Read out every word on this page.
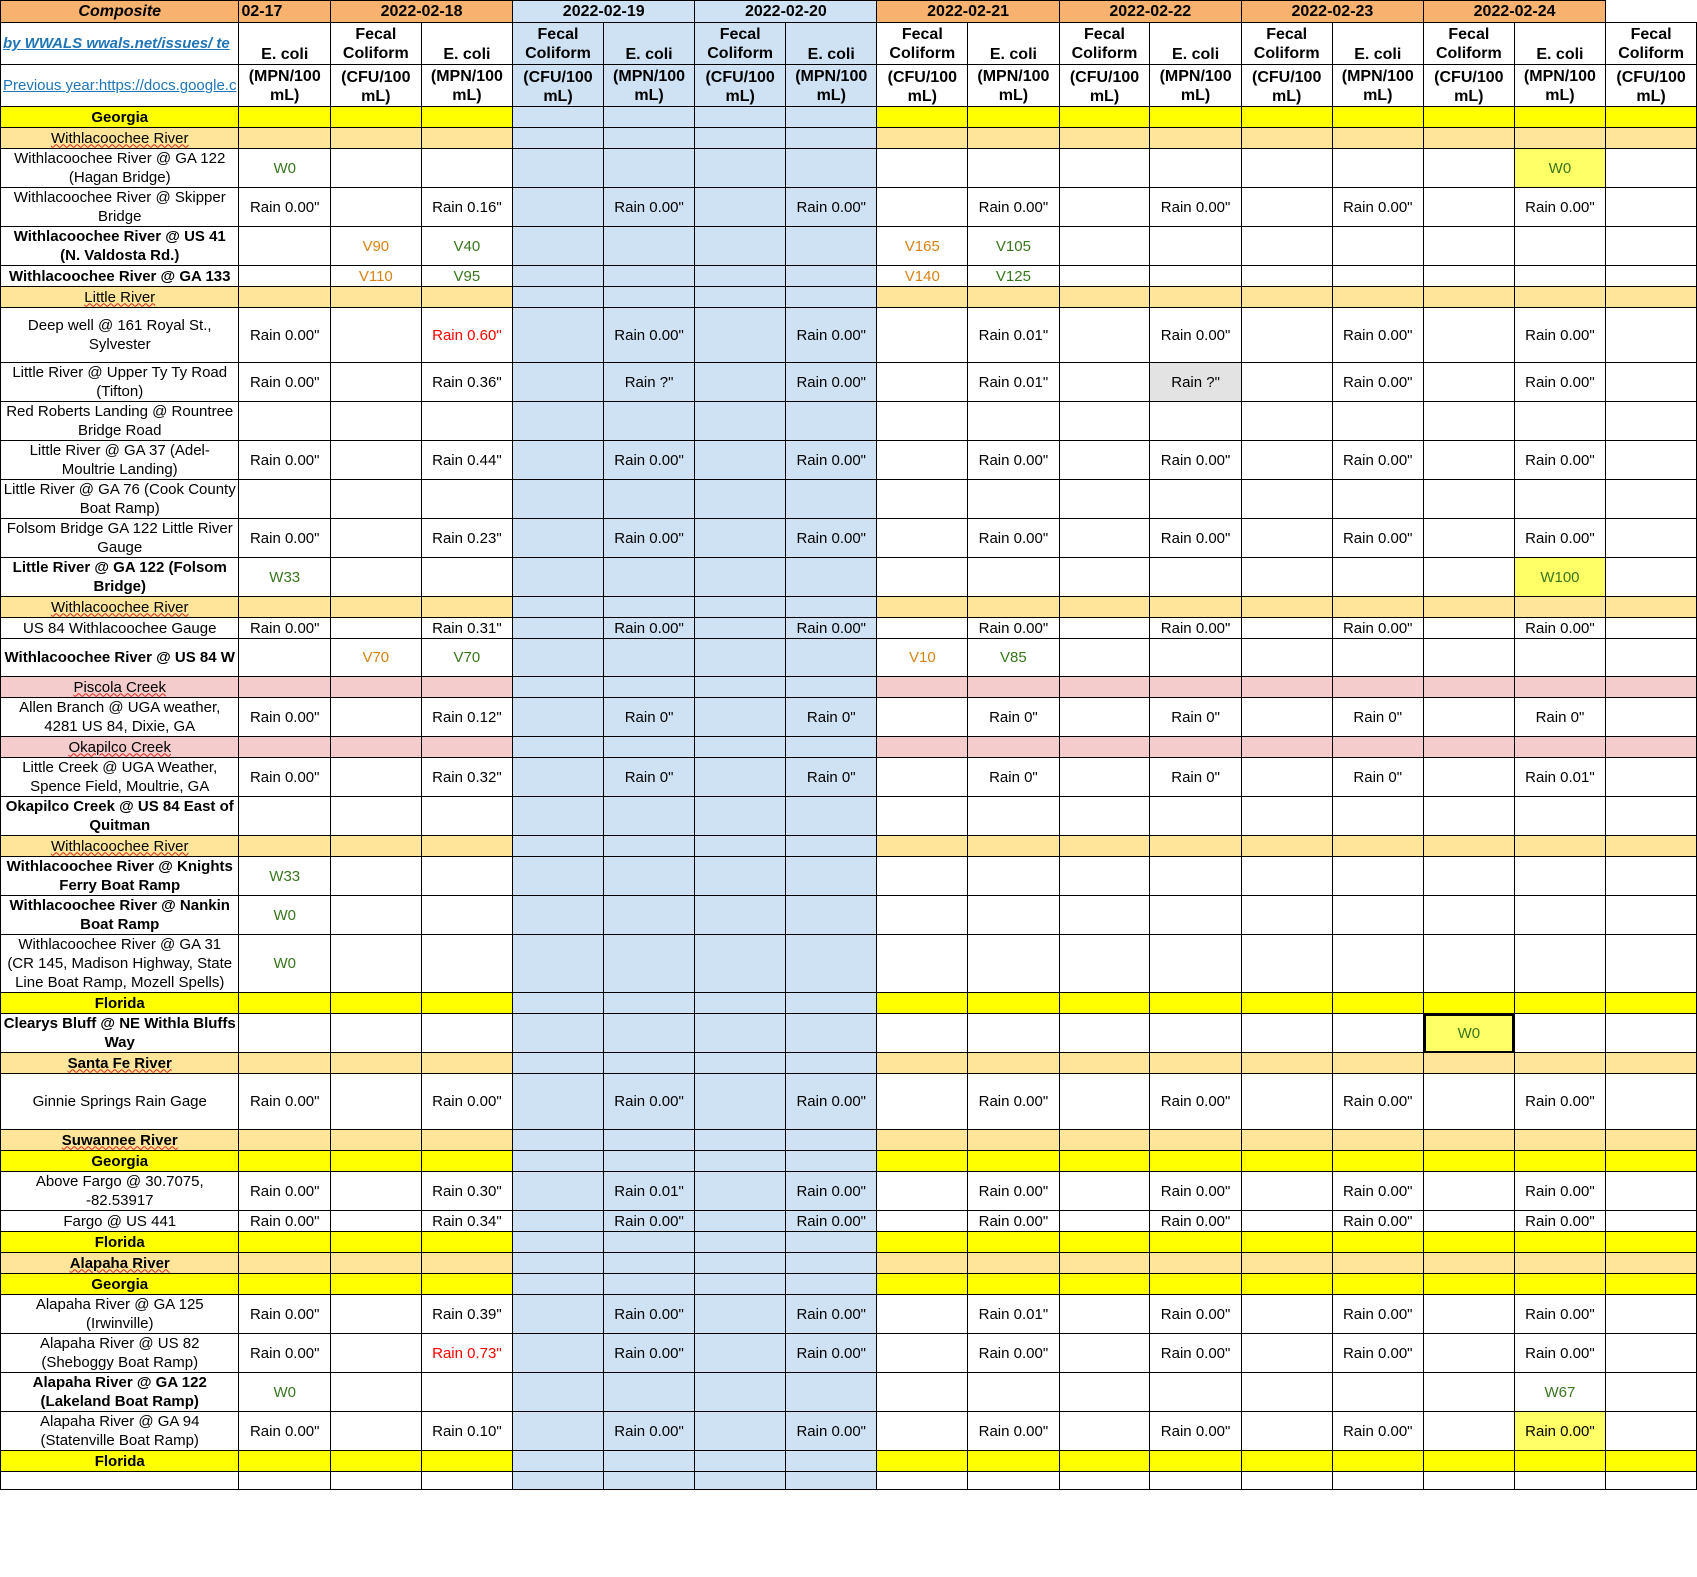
Composite	02-17	2022-02-18		2022-02-19		2022-02-20		2022-02-21		2022-02-22		2022-02-23		2022-02-24		
by WWALS wwals.net/issues/ te	E. coli	Fecal Coliform	E. coli	Fecal Coliform	E. coli	Fecal Coliform	E. coli	Fecal Coliform	E. coli	Fecal Coliform	E. coli	Fecal Coliform	E. coli	Fecal Coliform	E. coli	Fecal Coliform
Previous year:https://docs.google.c	(MPN/100 mL)	(CFU/100 mL)	(MPN/100 mL)	(CFU/100 mL)	(MPN/100 mL)	(CFU/100 mL)	(MPN/100 mL)	(CFU/100 mL)	(MPN/100 mL)	(CFU/100 mL)	(MPN/100 mL)	(CFU/100 mL)	(MPN/100 mL)	(CFU/100 mL)	(MPN/100 mL)	(CFU/100 mL)
Georgia																
Withlacoochee River																
Withlacoochee River @ GA 122 (Hagan Bridge)	W0														W0	
Withlacoochee River @ Skipper Bridge	Rain 0.00"		Rain 0.16"		Rain 0.00"		Rain 0.00"		Rain 0.00"		Rain 0.00"		Rain 0.00"		Rain 0.00"	
Withlacoochee River @ US 41 (N. Valdosta Rd.)		V90	V40					V165	V105							
Withlacoochee River @ GA 133		V110	V95					V140	V125							
Little River																
Deep well @ 161 Royal St., Sylvester	Rain 0.00"		Rain 0.60"		Rain 0.00"		Rain 0.00"		Rain 0.01"		Rain 0.00"		Rain 0.00"		Rain 0.00"	
Little River @ Upper Ty Ty Road (Tifton)	Rain 0.00"		Rain 0.36"		Rain ?"		Rain 0.00"		Rain 0.01"		Rain ?"		Rain 0.00"		Rain 0.00"	
Red Roberts Landing @ Rountree Bridge Road																
Little River @ GA 37 (Adel-Moultrie Landing)	Rain 0.00"		Rain 0.44"		Rain 0.00"		Rain 0.00"		Rain 0.00"		Rain 0.00"		Rain 0.00"		Rain 0.00"	
Little River @ GA 76 (Cook County Boat Ramp)																
Folsom Bridge GA 122 Little River Gauge	Rain 0.00"		Rain 0.23"		Rain 0.00"		Rain 0.00"		Rain 0.00"		Rain 0.00"		Rain 0.00"		Rain 0.00"	
Little River @ GA 122 (Folsom Bridge)	W33														W100	
Withlacoochee River																
US 84 Withlacoochee Gauge	Rain 0.00"		Rain 0.31"		Rain 0.00"		Rain 0.00"		Rain 0.00"		Rain 0.00"		Rain 0.00"		Rain 0.00"	
Withlacoochee River @ US 84 W		V70	V70					V10	V85							
Piscola Creek																
Allen Branch @ UGA weather, 4281 US 84, Dixie, GA	Rain 0.00"		Rain 0.12"		Rain 0"		Rain 0"		Rain 0"		Rain 0"		Rain 0"		Rain 0"	
Okapilco Creek																
Little Creek @ UGA Weather, Spence Field, Moultrie, GA	Rain 0.00"		Rain 0.32"		Rain 0"		Rain 0"		Rain 0"		Rain 0"		Rain 0"		Rain 0.01"	
Okapilco Creek @ US 84 East of Quitman																
Withlacoochee River																
Withlacoochee River @ Knights Ferry Boat Ramp	W33															
Withlacoochee River @ Nankin Boat Ramp	W0															
Withlacoochee River @ GA 31 (CR 145, Madison Highway, State Line Boat Ramp, Mozell Spells)	W0															
Florida																
Clearys Bluff @ NE Withla Bluffs Way														W0		
Santa Fe River																
Ginnie Springs Rain Gage	Rain 0.00"		Rain 0.00"		Rain 0.00"		Rain 0.00"		Rain 0.00"		Rain 0.00"		Rain 0.00"		Rain 0.00"	
Suwannee River																
Georgia																
Above Fargo @ 30.7075, -82.53917	Rain 0.00"		Rain 0.30"		Rain 0.01"		Rain 0.00"		Rain 0.00"		Rain 0.00"		Rain 0.00"		Rain 0.00"	
Fargo @ US 441	Rain 0.00"		Rain 0.34"		Rain 0.00"		Rain 0.00"		Rain 0.00"		Rain 0.00"		Rain 0.00"		Rain 0.00"	
Florida																
Alapaha River																
Georgia																
Alapaha River @ GA 125 (Irwinville)	Rain 0.00"		Rain 0.39"		Rain 0.00"		Rain 0.00"		Rain 0.01"		Rain 0.00"		Rain 0.00"		Rain 0.00"	
Alapaha River @ US 82 (Sheboggy Boat Ramp)	Rain 0.00"		Rain 0.73"		Rain 0.00"		Rain 0.00"		Rain 0.00"		Rain 0.00"		Rain 0.00"		Rain 0.00"	
Alapaha River @ GA 122 (Lakeland Boat Ramp)	W0														W67	
Alapaha River @ GA 94 (Statenville Boat Ramp)	Rain 0.00"		Rain 0.10"		Rain 0.00"		Rain 0.00"		Rain 0.00"		Rain 0.00"		Rain 0.00"		Rain 0.00"	
Florida																
